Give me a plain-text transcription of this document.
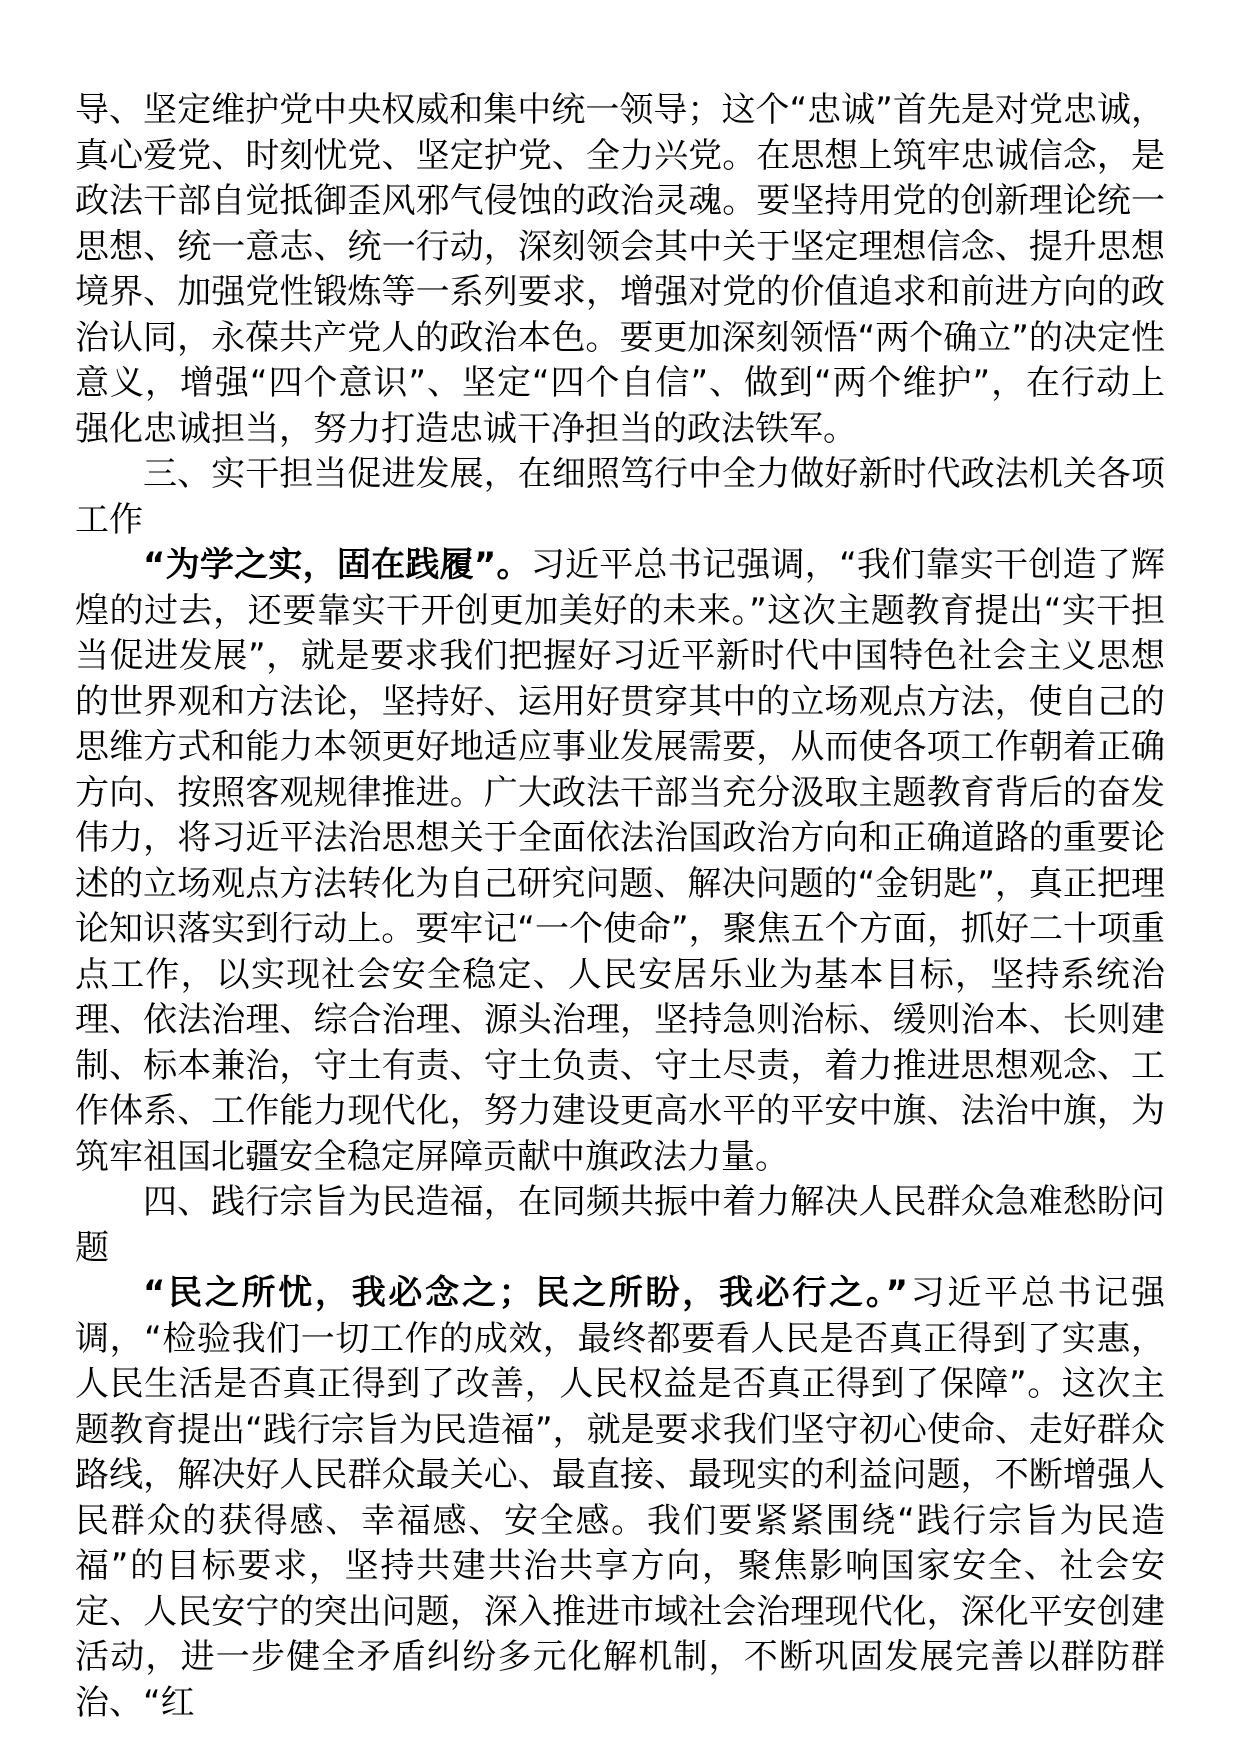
导、坚定维护党中央权威和集中统一领导；这个“忠诚”首先是对党忠诚，真心爱党、时刻忧党、坚定护党、全力兴党。在思想上筑牢忠诚信念，是政法干部自觉抵御歪风邪气侵蚀的政治灵魂。要坚持用党的创新理论统一思想、统一意志、统一行动，深刻领会其中关于坚定理想信念、提升思想境界、加强党性锻炼等一系列要求，增强对党的价值追求和前进方向的政治认同，永葆共产党人的政治本色。要更加深刻领悟“两个确立”的决定性意义，增强“四个意识”、坚定“四个自信”、做到“两个维护”，在行动上强化忠诚担当，努力打造忠诚干净担当的政法铁军。

三、实干担当促进发展，在细照笃行中全力做好新时代政法机关各项工作

“为学之实，固在践履”。习近平总书记强调，“我们靠实干创造了辉煌的过去，还要靠实干开创更加美好的未来。”这次主题教育提出“实干担当促进发展”，就是要求我们把握好习近平新时代中国特色社会主义思想的世界观和方法论，坚持好、运用好贯穿其中的立场观点方法，使自己的思维方式和能力本领更好地适应事业发展需要，从而使各项工作朝着正确方向、按照客观规律推进。广大政法干部当充分汲取主题教育背后的奋发伟力，将习近平法治思想关于全面依法治国政治方向和正确道路的重要论述的立场观点方法转化为自己研究问题、解决问题的“金钥匙”，真正把理论知识落实到行动上。要牢记“一个使命”，聚焦五个方面，抓好二十项重点工作，以实现社会安全稳定、人民安居乐业为基本目标，坚持系统治理、依法治理、综合治理、源头治理，坚持急则治标、缓则治本、长则建制、标本兼治，守土有责、守土负责、守土尽责，着力推进思想观念、工作体系、工作能力现代化，努力建设更高水平的平安中旗、法治中旗，为筑牢祖国北疆安全稳定屏障贡献中旗政法力量。

四、践行宗旨为民造福，在同频共振中着力解决人民群众急难愁盼问题

“民之所忧，我必念之；民之所盼，我必行之。”习近平总书记强调，“检验我们一切工作的成效，最终都要看人民是否真正得到了实惠，人民生活是否真正得到了改善，人民权益是否真正得到了保障”。这次主题教育提出“践行宗旨为民造福”，就是要求我们坚守初心使命、走好群众路线，解决好人民群众最关心、最直接、最现实的利益问题，不断增强人民群众的获得感、幸福感、安全感。我们要紧紧围绕“践行宗旨为民造福”的目标要求，坚持共建共治共享方向，聚焦影响国家安全、社会安定、人民安宁的突出问题，深入推进市域社会治理现代化，深化平安创建活动，进一步健全矛盾纠纷多元化解机制，不断巩固发展完善以群防群治、“红
